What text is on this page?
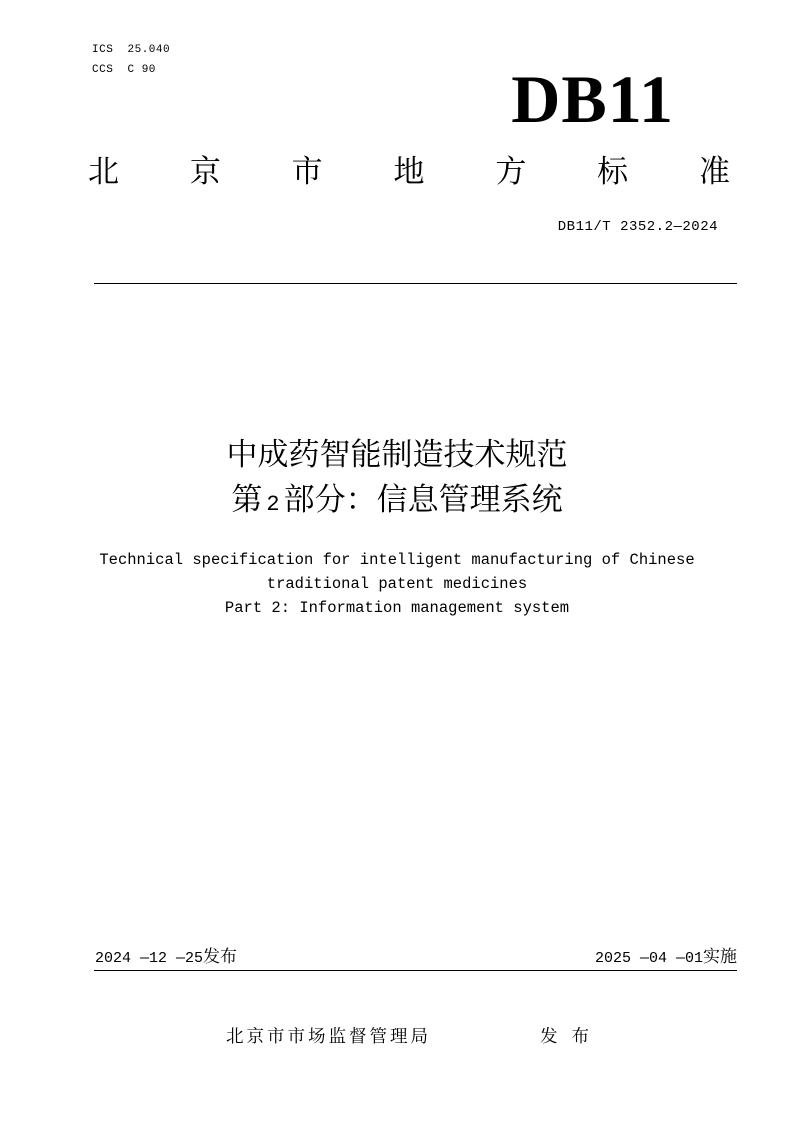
ICS  25.040
CCS  C 90	DB11
北 京 市 地 方 标 准
DB11/T 2352.2—2024
中成药智能制造技术规范
第 2 部分：信息管理系统
Technical specification for intelligent manufacturing of Chinese
traditional patent medicines
Part 2: Information management system
2024 —12 —25发布	2025 —04 —01实施
北京市市场监督管理局	发布
